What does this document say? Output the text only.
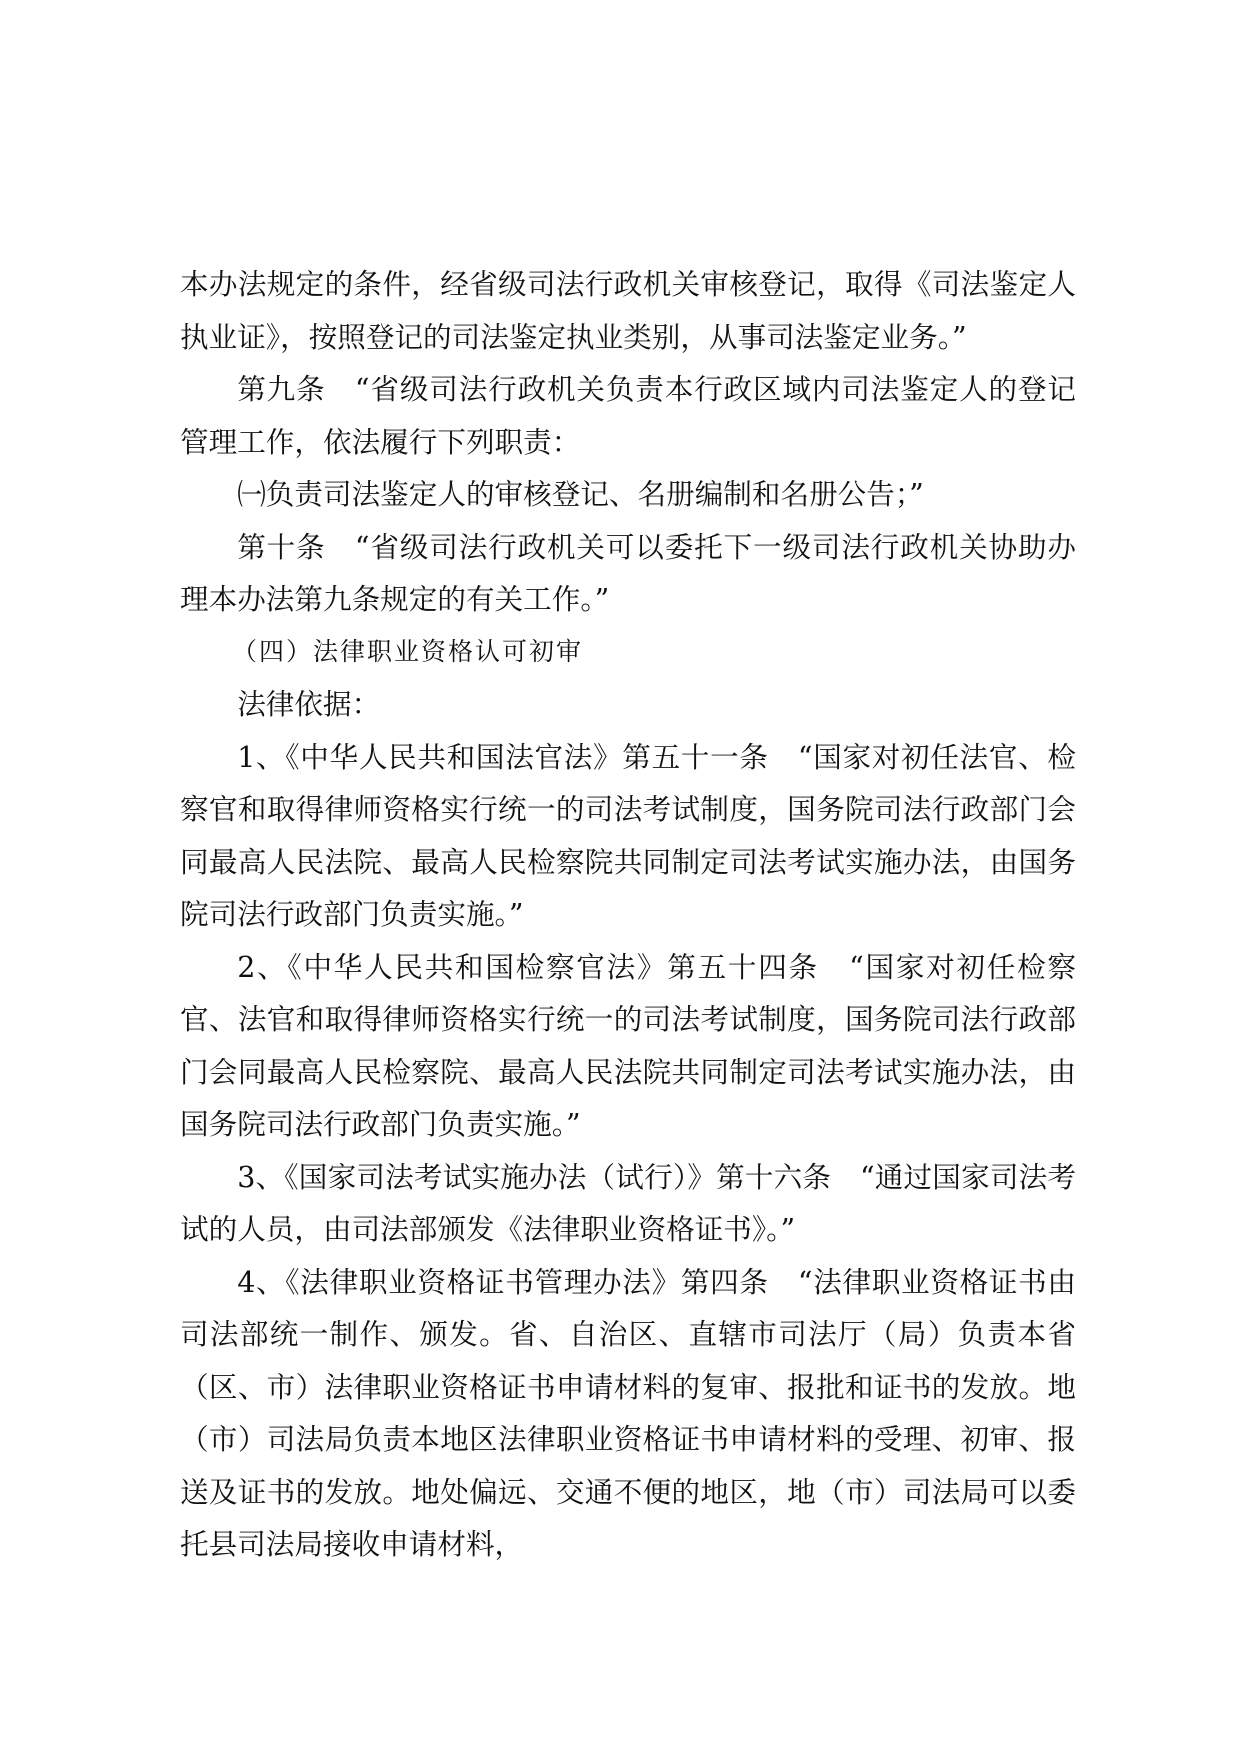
本办法规定的条件，经省级司法行政机关审核登记，取得《司法鉴定人执业证》，按照登记的司法鉴定执业类别，从事司法鉴定业务。”

第九条　“省级司法行政机关负责本行政区域内司法鉴定人的登记管理工作，依法履行下列职责：

㈠负责司法鉴定人的审核登记、名册编制和名册公告；”

第十条　“省级司法行政机关可以委托下一级司法行政机关协助办理本办法第九条规定的有关工作。”

（四）法律职业资格认可初审

法律依据：

1、《中华人民共和国法官法》第五十一条　“国家对初任法官、检察官和取得律师资格实行统一的司法考试制度，国务院司法行政部门会同最高人民法院、最高人民检察院共同制定司法考试实施办法，由国务院司法行政部门负责实施。”

2、《中华人民共和国检察官法》第五十四条　“国家对初任检察官、法官和取得律师资格实行统一的司法考试制度，国务院司法行政部门会同最高人民检察院、最高人民法院共同制定司法考试实施办法，由国务院司法行政部门负责实施。”

3、《国家司法考试实施办法（试行）》第十六条　“通过国家司法考试的人员，由司法部颁发《法律职业资格证书》。”

4、《法律职业资格证书管理办法》第四条　“法律职业资格证书由司法部统一制作、颁发。省、自治区、直辖市司法厅（局）负责本省（区、市）法律职业资格证书申请材料的复审、报批和证书的发放。地（市）司法局负责本地区法律职业资格证书申请材料的受理、初审、报送及证书的发放。地处偏远、交通不便的地区，地（市）司法局可以委托县司法局接收申请材料，
